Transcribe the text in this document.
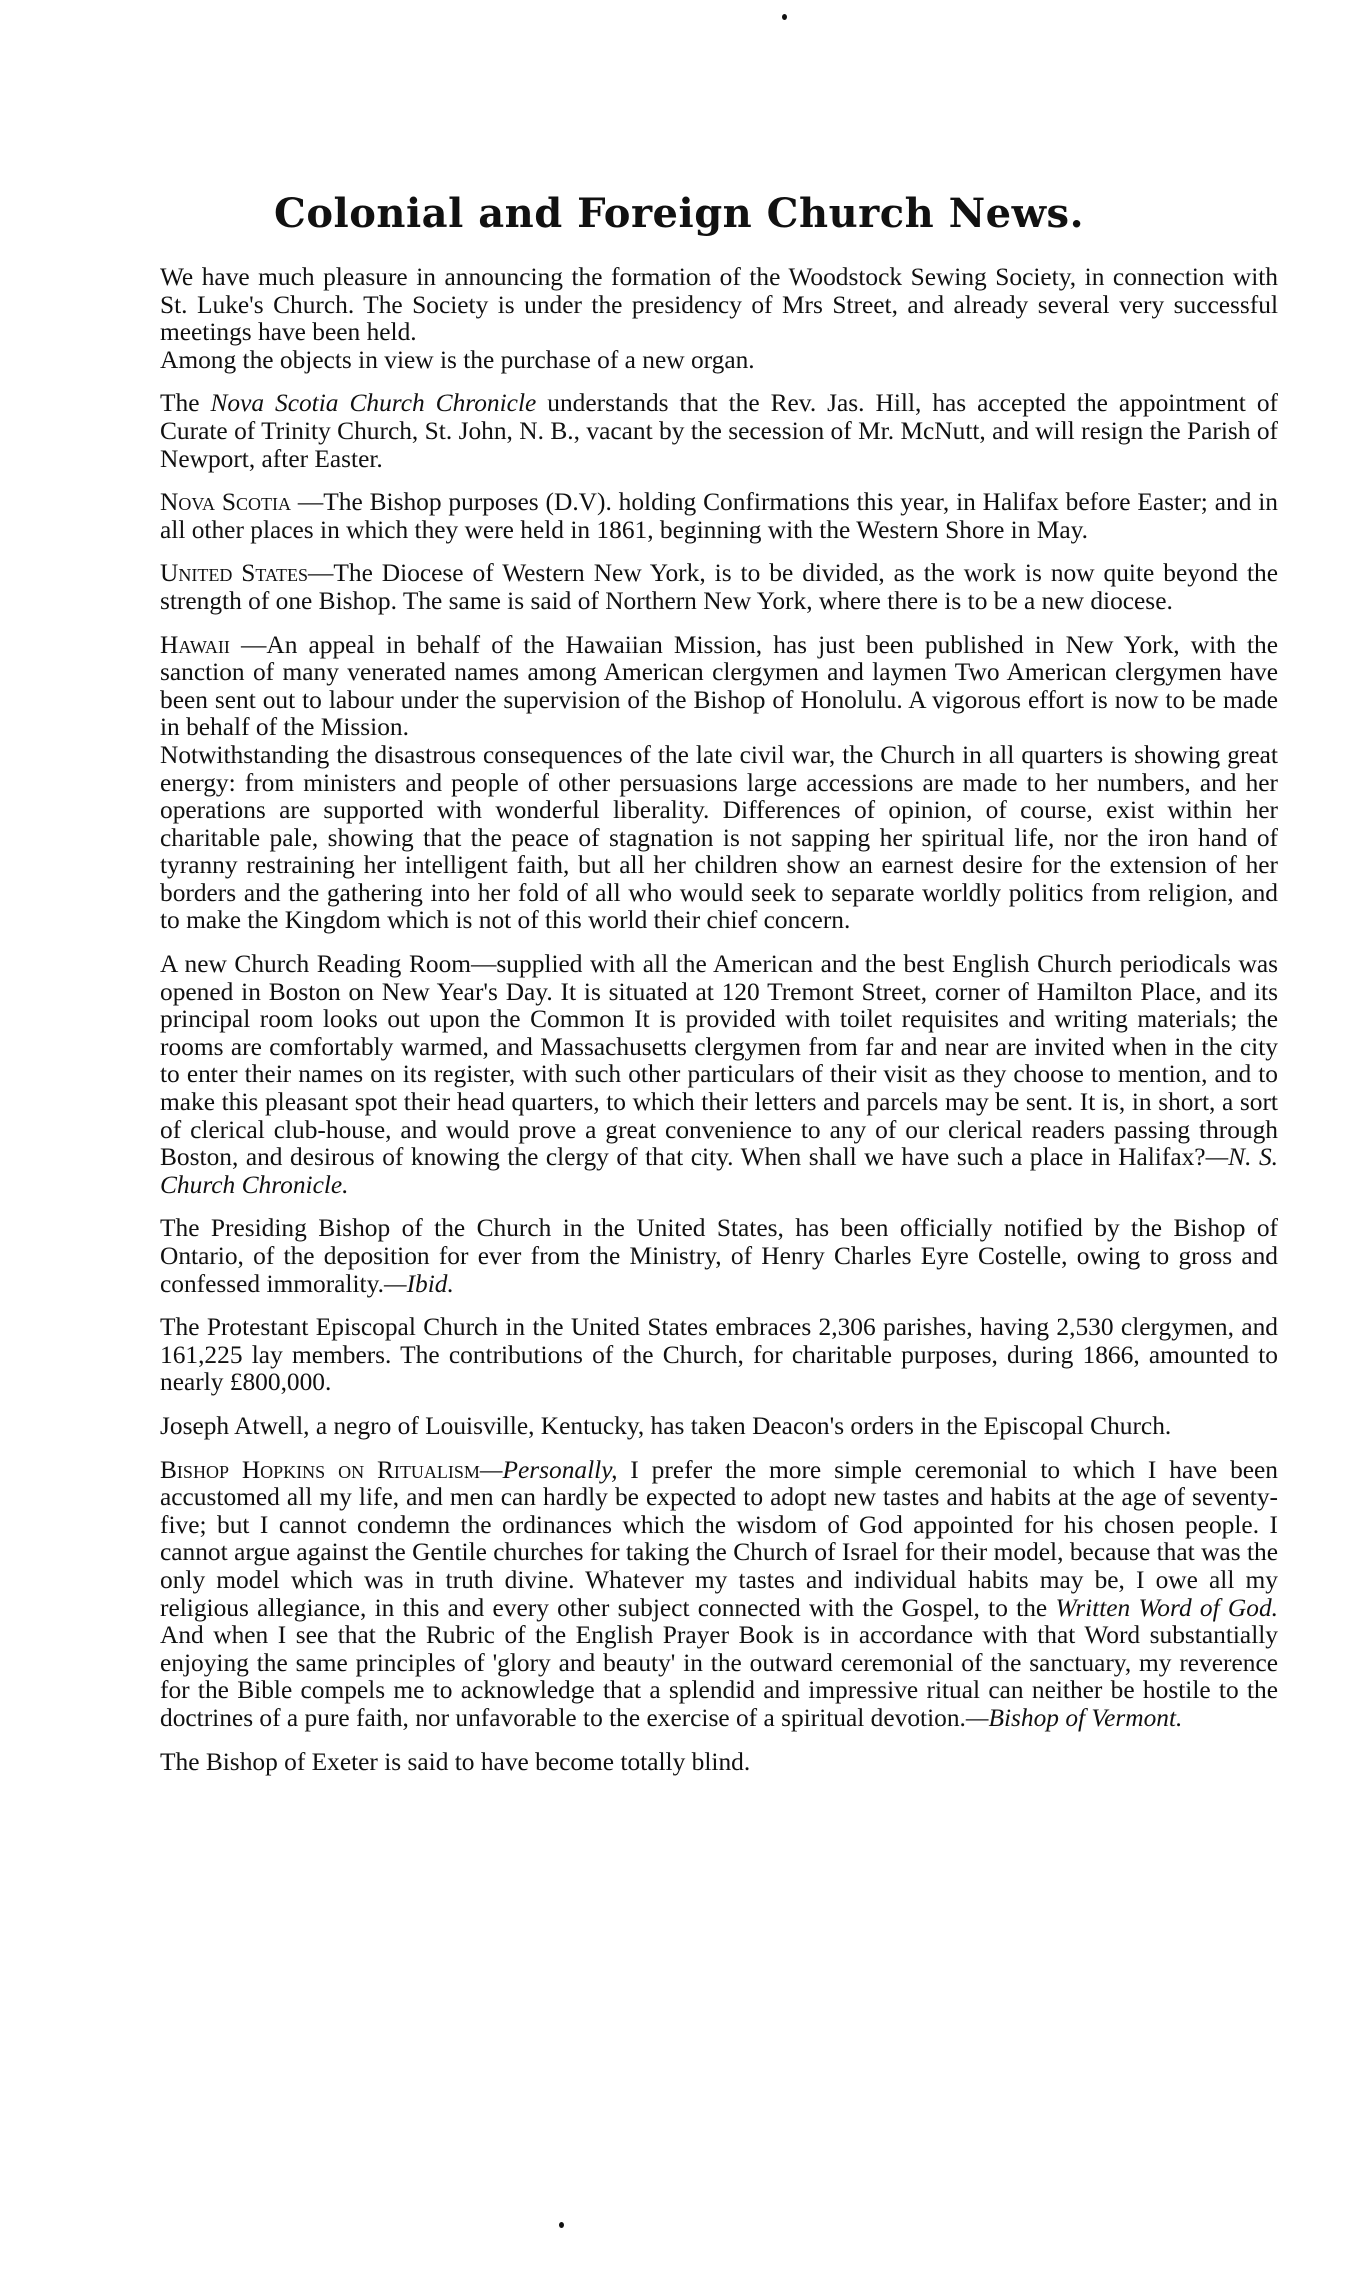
Colonial and Foreign Church News.

We have much pleasure in announcing the formation of the Woodstock Sewing Society, in connection with St. Luke's Church. The Society is under the presidency of Mrs Street, and already several very successful meetings have been held.

Among the objects in view is the purchase of a new organ.

The Nova Scotia Church Chronicle understands that the Rev. Jas. Hill, has accepted the appointment of Curate of Trinity Church, St. John, N. B., vacant by the secession of Mr. McNutt, and will resign the Parish of Newport, after Easter.

Nova Scotia —The Bishop purposes (D.V). holding Confirmations this year, in Halifax before Easter; and in all other places in which they were held in 1861, beginning with the Western Shore in May.

United States—The Diocese of Western New York, is to be divided, as the work is now quite beyond the strength of one Bishop. The same is said of Northern New York, where there is to be a new diocese.

Hawaii —An appeal in behalf of the Hawaiian Mission, has just been published in New York, with the sanction of many venerated names among American clergymen and laymen Two American clergymen have been sent out to labour under the supervision of the Bishop of Honolulu. A vigorous effort is now to be made in behalf of the Mission.

Notwithstanding the disastrous consequences of the late civil war, the Church in all quarters is showing great energy: from ministers and people of other persuasions large accessions are made to her numbers, and her operations are supported with wonderful liberality. Differences of opinion, of course, exist within her charitable pale, showing that the peace of stagnation is not sapping her spiritual life, nor the iron hand of tyranny restraining her intelligent faith, but all her children show an earnest desire for the extension of her borders and the gathering into her fold of all who would seek to separate worldly politics from religion, and to make the Kingdom which is not of this world their chief concern.

A new Church Reading Room—supplied with all the American and the best English Church periodicals was opened in Boston on New Year's Day. It is situated at 120 Tremont Street, corner of Hamilton Place, and its principal room looks out upon the Common It is provided with toilet requisites and writing materials; the rooms are comfortably warmed, and Massachusetts clergymen from far and near are invited when in the city to enter their names on its register, with such other particulars of their visit as they choose to mention, and to make this pleasant spot their head quarters, to which their letters and parcels may be sent. It is, in short, a sort of clerical club-house, and would prove a great convenience to any of our clerical readers passing through Boston, and desirous of knowing the clergy of that city. When shall we have such a place in Halifax?—N. S. Church Chronicle.

The Presiding Bishop of the Church in the United States, has been officially notified by the Bishop of Ontario, of the deposition for ever from the Ministry, of Henry Charles Eyre Costelle, owing to gross and confessed immorality.—Ibid.

The Protestant Episcopal Church in the United States embraces 2,306 parishes, having 2,530 clergymen, and 161,225 lay members. The contributions of the Church, for charitable purposes, during 1866, amounted to nearly £800,000.

Joseph Atwell, a negro of Louisville, Kentucky, has taken Deacon's orders in the Episcopal Church.

Bishop Hopkins on Ritualism—Personally, I prefer the more simple ceremonial to which I have been accustomed all my life, and men can hardly be expected to adopt new tastes and habits at the age of seventy-five; but I cannot condemn the ordinances which the wisdom of God appointed for his chosen people. I cannot argue against the Gentile churches for taking the Church of Israel for their model, because that was the only model which was in truth divine. Whatever my tastes and individual habits may be, I owe all my religious allegiance, in this and every other subject connected with the Gospel, to the Written Word of God. And when I see that the Rubric of the English Prayer Book is in accordance with that Word substantially enjoying the same principles of 'glory and beauty' in the outward ceremonial of the sanctuary, my reverence for the Bible compels me to acknowledge that a splendid and impressive ritual can neither be hostile to the doctrines of a pure faith, nor unfavorable to the exercise of a spiritual devotion.—Bishop of Vermont.

The Bishop of Exeter is said to have become totally blind.
